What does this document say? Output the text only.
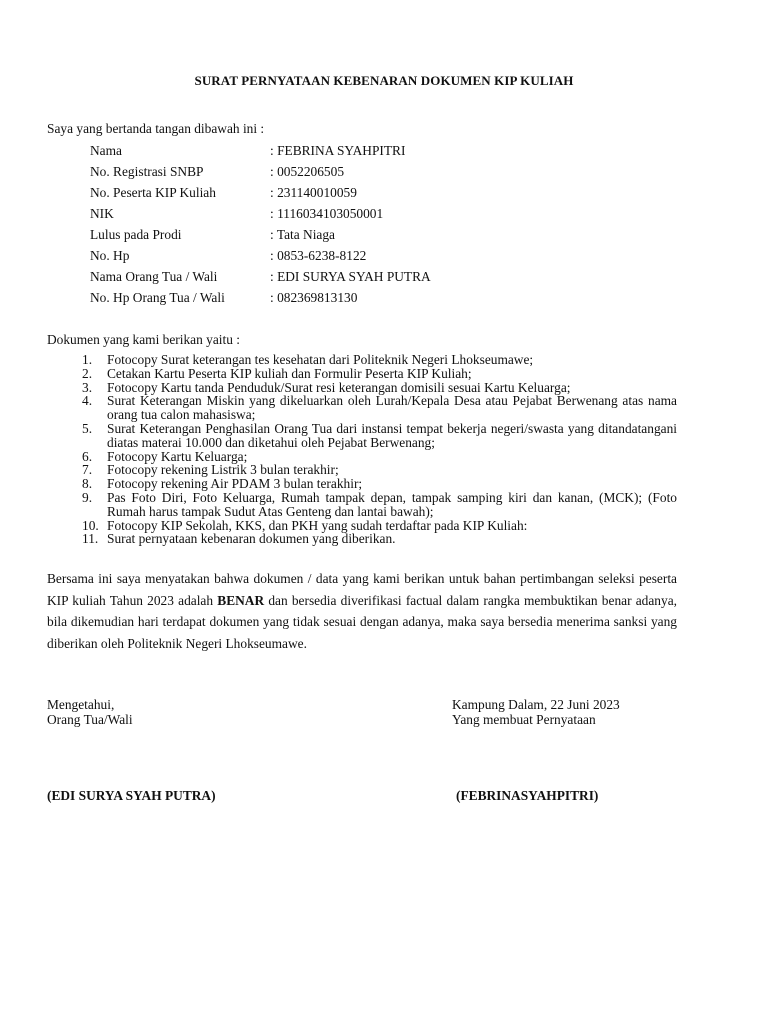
SURAT PERNYATAAN KEBENARAN DOKUMEN KIP KULIAH
Saya yang bertanda tangan dibawah ini :
Nama	: FEBRINA SYAHPITRI
No. Registrasi SNBP	: 0052206505
No. Peserta KIP Kuliah	: 231140010059
NIK	: 1116034103050001
Lulus pada Prodi	: Tata Niaga
No. Hp	: 0853-6238-8122
Nama Orang Tua / Wali	: EDI SURYA SYAH PUTRA
No. Hp Orang Tua / Wali	: 082369813130
Dokumen yang kami berikan yaitu :
1.	Fotocopy Surat keterangan tes kesehatan dari Politeknik Negeri Lhokseumawe;
2.	Cetakan Kartu Peserta KIP kuliah dan Formulir Peserta KIP Kuliah;
3.	Fotocopy Kartu tanda Penduduk/Surat resi keterangan domisili sesuai Kartu Keluarga;
4.	Surat Keterangan Miskin yang dikeluarkan oleh Lurah/Kepala Desa atau Pejabat Berwenang atas nama orang tua calon mahasiswa;
5.	Surat Keterangan Penghasilan Orang Tua dari instansi tempat bekerja negeri/swasta yang ditandatangani diatas materai 10.000 dan diketahui oleh Pejabat Berwenang;
6.	Fotocopy Kartu Keluarga;
7.	Fotocopy rekening Listrik 3 bulan terakhir;
8.	Fotocopy rekening Air PDAM 3 bulan terakhir;
9.	Pas Foto Diri, Foto Keluarga, Rumah tampak depan, tampak samping kiri dan kanan, (MCK); (Foto Rumah harus tampak Sudut Atas Genteng dan lantai bawah);
10. Fotocopy KIP Sekolah, KKS, dan PKH yang sudah terdaftar pada KIP Kuliah:
11. Surat pernyataan kebenaran dokumen yang diberikan.

Bersama ini saya menyatakan bahwa dokumen / data yang kami berikan untuk bahan pertimbangan seleksi peserta KIP kuliah Tahun 2023 adalah BENAR dan bersedia diverifikasi factual dalam rangka membuktikan benar adanya, bila dikemudian hari terdapat dokumen yang tidak sesuai dengan adanya, maka saya bersedia menerima sanksi yang diberikan oleh Politeknik Negeri Lhokseumawe.

Mengetahui,
Orang Tua/Wali
Kampung Dalam, 22 Juni 2023
Yang membuat Pernyataan
(EDI SURYA SYAH PUTRA)	(FEBRINASYAHPITRI)
